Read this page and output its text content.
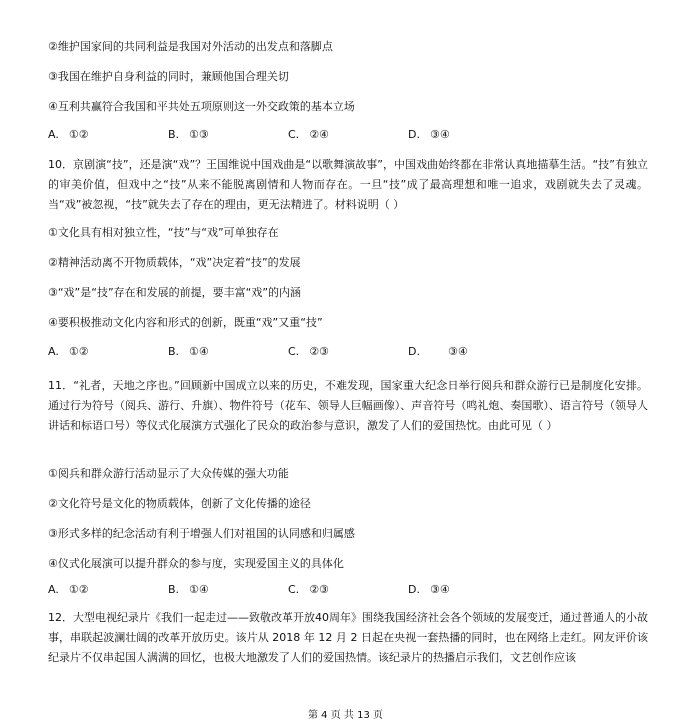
②维护国家间的共同利益是我国对外活动的出发点和落脚点
③我国在维护自身利益的同时，兼顾他国合理关切
④互利共赢符合我国和平共处五项原则这一外交政策的基本立场
A. ①②	B. ①③	C. ②④	D. ③④
10．京剧演“技”，还是演“戏”？王国维说中国戏曲是“以歌舞演故事”，中国戏曲始终都在非常认真地描摹生活。“技”有独立的审美价值，但戏中之“技”从来不能脱离剧情和人物而存在。一旦“技”成了最高理想和唯一追求，戏剧就失去了灵魂。当“戏”被忽视，“技”就失去了存在的理由，更无法精进了。材料说明（ ）
①文化具有相对独立性，“技”与“戏”可单独存在
②精神活动离不开物质载体，“戏”决定着“技”的发展
③“戏”是“技”存在和发展的前提，要丰富“戏”的内涵
④要积极推动文化内容和形式的创新，既重“戏”又重“技”
A. ①②	B. ①④	C. ②③	D.	③④
11．“礼者，天地之序也。”回顾新中国成立以来的历史，不难发现，国家重大纪念日举行阅兵和群众游行已是制度化安排。通过行为符号（阅兵、游行、升旗）、物件符号（花车、领导人巨幅画像）、声音符号（鸣礼炮、奏国歌）、语言符号（领导人讲话和标语口号）等仪式化展演方式强化了民众的政治参与意识，激发了人们的爱国热忱。由此可见（ ）
①阅兵和群众游行活动显示了大众传媒的强大功能
②文化符号是文化的物质载体，创新了文化传播的途径
③形式多样的纪念活动有利于增强人们对祖国的认同感和归属感
④仪式化展演可以提升群众的参与度，实现爱国主义的具体化
A. ①②	B. ①④	C. ②③	D. ③④
12．大型电视纪录片《我们一起走过——致敬改革开放40周年》围绕我国经济社会各个领域的发展变迁，通过普通人的小故事，串联起波澜壮阔的改革开放历史。该片从 2018 年 12 月 2 日起在央视一套热播的同时，也在网络上走红。网友评价该纪录片不仅串起国人满满的回忆，也极大地激发了人们的爱国热情。该纪录片的热播启示我们，文艺创作应该
第 4 页 共 13 页
